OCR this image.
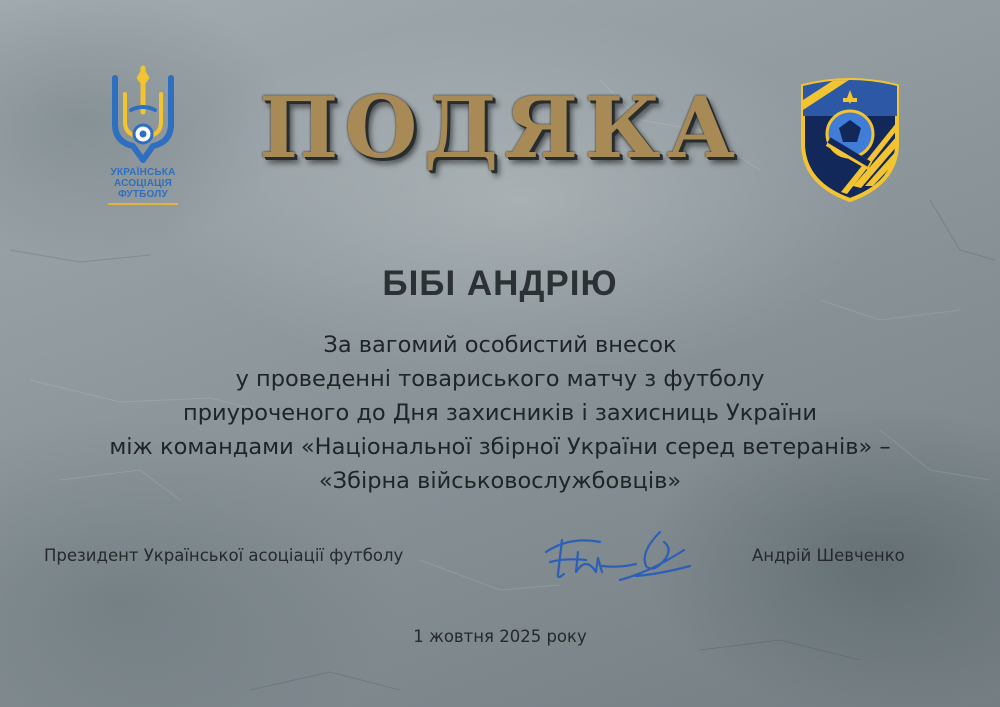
УКРАЇНСЬКА
АСОЦІАЦІЯ
ФУТБОЛУ
ПОДЯКА
БІБІ АНДРІЮ
За вагомий особистий внесок
у проведенні товариського матчу з футболу
приуроченого до Дня захисників і захисниць України
між командами «Національної збірної України серед ветеранів» –
«Збірна військовослужбовців»
Президент Української асоціації футболу	Андрій Шевченко
1 жовтня 2025 року
